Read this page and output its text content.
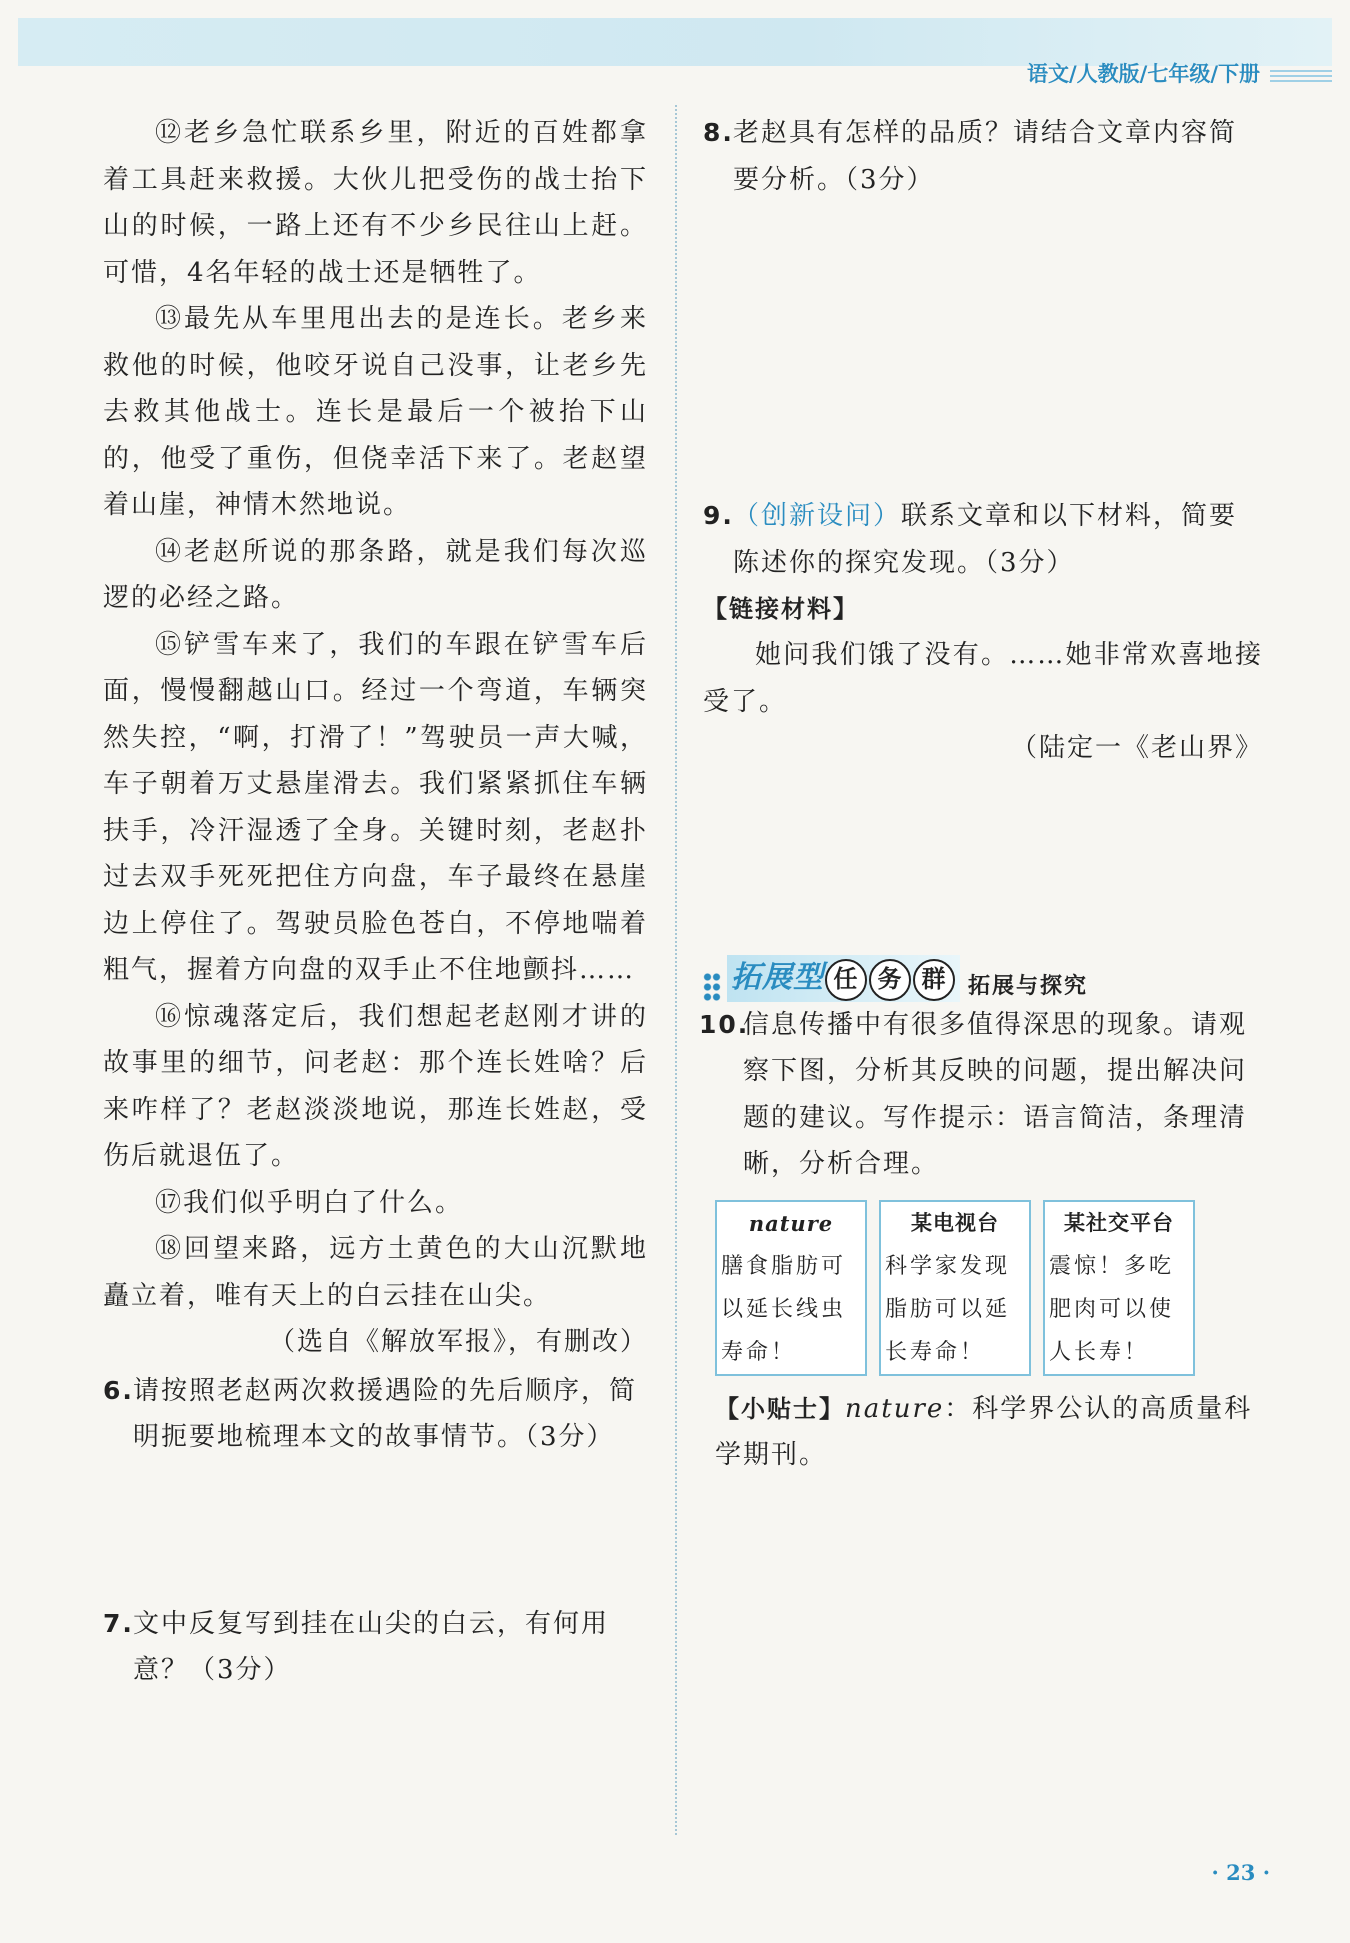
语文/人教版/七年级/下册

⑫老乡急忙联系乡里，附近的百姓都拿着工具赶来救援。大伙儿把受伤的战士抬下山的时候，一路上还有不少乡民往山上赶。可惜，4名年轻的战士还是牺牲了。

⑬最先从车里甩出去的是连长。老乡来救他的时候，他咬牙说自己没事，让老乡先去救其他战士。连长是最后一个被抬下山的，他受了重伤，但侥幸活下来了。老赵望着山崖，神情木然地说。

⑭老赵所说的那条路，就是我们每次巡逻的必经之路。

⑮铲雪车来了，我们的车跟在铲雪车后面，慢慢翻越山口。经过一个弯道，车辆突然失控，“啊，打滑了！”驾驶员一声大喊，车子朝着万丈悬崖滑去。我们紧紧抓住车辆扶手，冷汗湿透了全身。关键时刻，老赵扑过去双手死死把住方向盘，车子最终在悬崖边上停住了。驾驶员脸色苍白，不停地喘着粗气，握着方向盘的双手止不住地颤抖……

⑯惊魂落定后，我们想起老赵刚才讲的故事里的细节，问老赵：那个连长姓啥？后来咋样了？老赵淡淡地说，那连长姓赵，受伤后就退伍了。

⑰我们似乎明白了什么。

⑱回望来路，远方土黄色的大山沉默地矗立着，唯有天上的白云挂在山尖。

（选自《解放军报》，有删改）

6. 请按照老赵两次救援遇险的先后顺序，简明扼要地梳理本文的故事情节。（3分）
7. 文中反复写到挂在山尖的白云，有何用意？（3分）
8. 老赵具有怎样的品质？请结合文章内容简要分析。（3分）
9. （创新设问）联系文章和以下材料，简要陈述你的探究发现。（3分）

【链接材料】

她问我们饿了没有。……她非常欢喜地接受了。

（陆定一《老山界》

拓展型 任 务 群 拓展与探究
10.
信息传播中有很多值得深思的现象。请观察下图，分析其反映的问题，提出解决问题的建议。写作提示：语言简洁，条理清晰，分析合理。
nature
膳食脂肪可以延长线虫寿命！
某电视台
科学家发现脂肪可以延长寿命！
某社交平台
震惊！多吃肥肉可以使人长寿！

【小贴士】nature：科学界公认的高质量科学期刊。

· 23 ·
